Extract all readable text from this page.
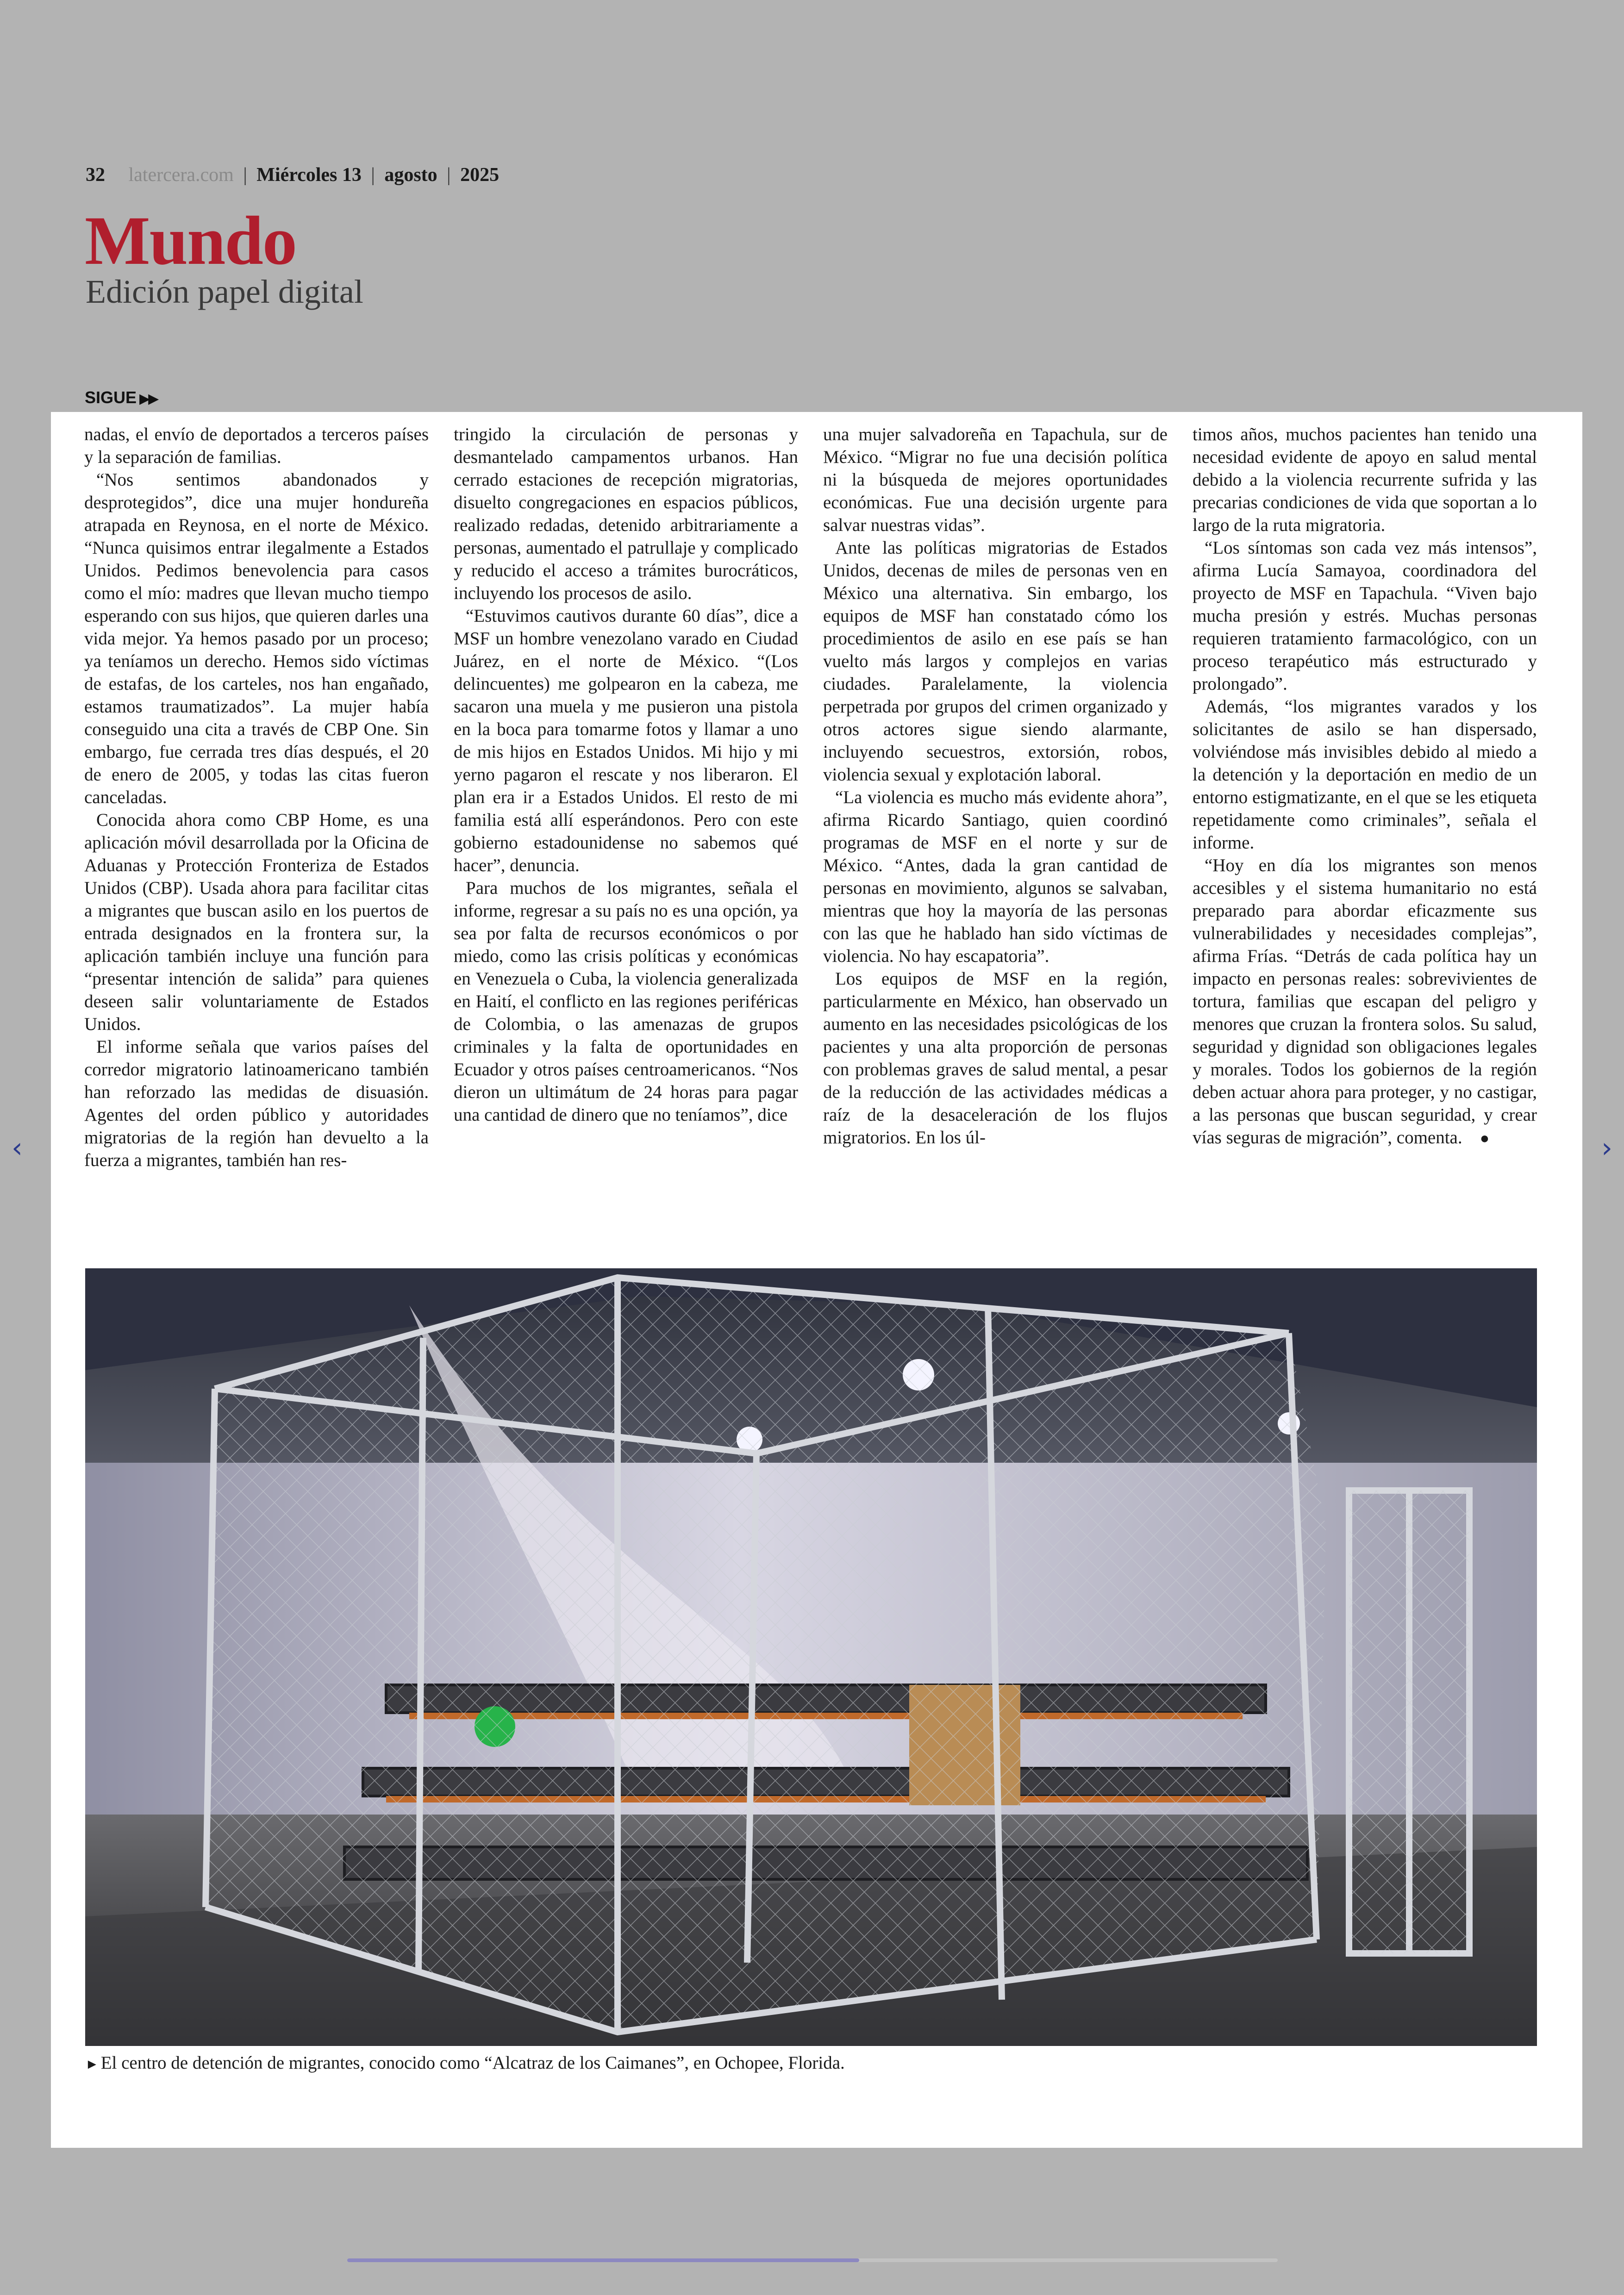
32 latercera.com | Miércoles 13 | agosto | 2025
Mundo
Edición papel digital
SIGUE ▶▶

nadas, el envío de deportados a terceros países y la separación de familias.

“Nos sentimos abandonados y desprotegidos”, dice una mujer hondureña atrapada en Reynosa, en el norte de México. “Nunca quisimos entrar ilegalmente a Estados Unidos. Pedimos benevolencia para casos como el mío: madres que llevan mucho tiempo esperando con sus hijos, que quieren darles una vida mejor. Ya hemos pasado por un proceso; ya teníamos un derecho. Hemos sido víctimas de estafas, de los carteles, nos han engañado, estamos traumatizados”. La mujer había conseguido una cita a través de CBP One. Sin embargo, fue cerrada tres días después, el 20 de enero de 2005, y todas las citas fueron canceladas.

Conocida ahora como CBP Home, es una aplicación móvil desarrollada por la Oficina de Aduanas y Protección Fronteriza de Estados Unidos (CBP). Usada ahora para facilitar citas a migrantes que buscan asilo en los puertos de entrada designados en la frontera sur, la aplicación también incluye una función para “presentar intención de salida” para quienes deseen salir voluntariamente de Estados Unidos.

El informe señala que varios países del corredor migratorio latinoamericano también han reforzado las medidas de disuasión. Agentes del orden público y autoridades migratorias de la región han devuelto a la fuerza a migrantes, también han res-

tringido la circulación de personas y desmantelado campamentos urbanos. Han cerrado estaciones de recepción migratorias, disuelto congregaciones en espacios públicos, realizado redadas, detenido arbitrariamente a personas, aumentado el patrullaje y complicado y reducido el acceso a trámites burocráticos, incluyendo los procesos de asilo.

“Estuvimos cautivos durante 60 días”, dice a MSF un hombre venezolano varado en Ciudad Juárez, en el norte de México. “(Los delincuentes) me golpearon en la cabeza, me sacaron una muela y me pusieron una pistola en la boca para tomarme fotos y llamar a uno de mis hijos en Estados Unidos. Mi hijo y mi yerno pagaron el rescate y nos liberaron. El plan era ir a Estados Unidos. El resto de mi familia está allí esperándonos. Pero con este gobierno estadounidense no sabemos qué hacer”, denuncia.

Para muchos de los migrantes, señala el informe, regresar a su país no es una opción, ya sea por falta de recursos económicos o por miedo, como las crisis políticas y económicas en Venezuela o Cuba, la violencia generalizada en Haití, el conflicto en las regiones periféricas de Colombia, o las amenazas de grupos criminales y la falta de oportunidades en Ecuador y otros países centroamericanos. “Nos dieron un ultimátum de 24 horas para pagar una cantidad de dinero que no teníamos”, dice

una mujer salvadoreña en Tapachula, sur de México. “Migrar no fue una decisión política ni la búsqueda de mejores oportunidades económicas. Fue una decisión urgente para salvar nuestras vidas”.

Ante las políticas migratorias de Estados Unidos, decenas de miles de personas ven en México una alternativa. Sin embargo, los equipos de MSF han constatado cómo los procedimientos de asilo en ese país se han vuelto más largos y complejos en varias ciudades. Paralelamente, la violencia perpetrada por grupos del crimen organizado y otros actores sigue siendo alarmante, incluyendo secuestros, extorsión, robos, violencia sexual y explotación laboral.

“La violencia es mucho más evidente ahora”, afirma Ricardo Santiago, quien coordinó programas de MSF en el norte y sur de México. “Antes, dada la gran cantidad de personas en movimiento, algunos se salvaban, mientras que hoy la mayoría de las personas con las que he hablado han sido víctimas de violencia. No hay escapatoria”.

Los equipos de MSF en la región, particularmente en México, han observado un aumento en las necesidades psicológicas de los pacientes y una alta proporción de personas con problemas graves de salud mental, a pesar de la reducción de las actividades médicas a raíz de la desaceleración de los flujos migratorios. En los úl-

timos años, muchos pacientes han tenido una necesidad evidente de apoyo en salud mental debido a la violencia recurrente sufrida y las precarias condiciones de vida que soportan a lo largo de la ruta migratoria.

“Los síntomas son cada vez más intensos”, afirma Lucía Samayoa, coordinadora del proyecto de MSF en Tapachula. “Viven bajo mucha presión y estrés. Muchas personas requieren tratamiento farmacológico, con un proceso terapéutico más estructurado y prolongado”.

Además, “los migrantes varados y los solicitantes de asilo se han dispersado, volviéndose más invisibles debido al miedo a la detención y la deportación en medio de un entorno estigmatizante, en el que se les etiqueta repetidamente como criminales”, señala el informe.

“Hoy en día los migrantes son menos accesibles y el sistema humanitario no está preparado para abordar eficazmente sus vulnerabilidades y necesidades complejas”, afirma Frías. “Detrás de cada política hay un impacto en personas reales: sobrevivientes de tortura, familias que escapan del peligro y menores que cruzan la frontera solos. Su salud, seguridad y dignidad son obligaciones legales y morales. Todos los gobiernos de la región deben actuar ahora para proteger, y no castigar, a las personas que buscan seguridad, y crear vías seguras de migración”, comenta. ●

► El centro de detención de migrantes, conocido como “Alcatraz de los Caimanes”, en Ochopee, Florida.
‹	›
